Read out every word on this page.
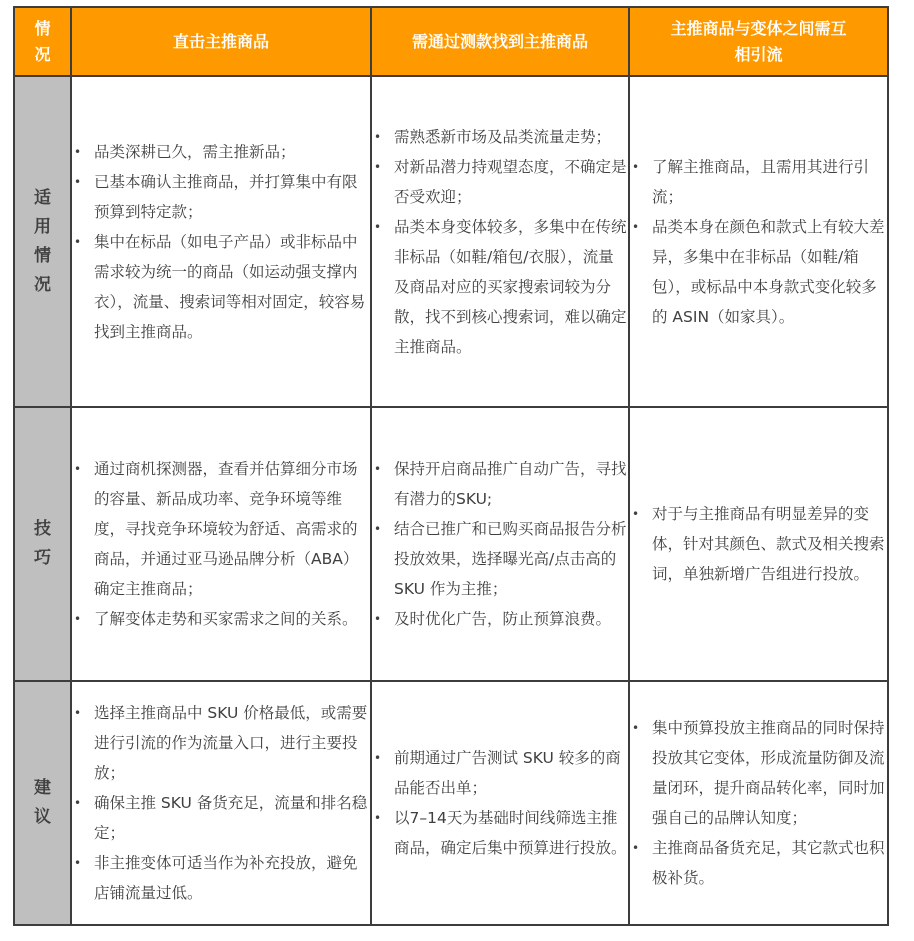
情况	直击主推商品	需通过测款找到主推商品	主推商品与变体之间需互相引流
适用情况	
• 品类深耕已久，需主推新品；
• 已基本确认主推商品，并打算集中有限预算到特定款；
• 集中在标品（如电子产品）或非标品中需求较为统一的商品（如运动强支撑内衣），流量、搜索词等相对固定，较容易找到主推商品。

• 需熟悉新市场及品类流量走势；
• 对新品潜力持观望态度，不确定是否受欢迎；
• 品类本身变体较多，多集中在传统非标品（如鞋/箱包/衣服），流量及商品对应的买家搜索词较为分散，找不到核心搜索词，难以确定主推商品。

• 了解主推商品，且需用其进行引流；
• 品类本身在颜色和款式上有较大差异，多集中在非标品（如鞋/箱包），或标品中本身款式变化较多的 ASIN（如家具）。

技巧	
• 通过商机探测器，查看并估算细分市场的容量、新品成功率、竞争环境等维度，寻找竞争环境较为舒适、高需求的商品，并通过亚马逊品牌分析（ABA）确定主推商品；
• 了解变体走势和买家需求之间的关系。

• 保持开启商品推广自动广告，寻找有潜力的SKU;
• 结合已推广和已购买商品报告分析投放效果，选择曝光高/点击高的SKU 作为主推；
• 及时优化广告，防止预算浪费。

• 对于与主推商品有明显差异的变体，针对其颜色、款式及相关搜索词，单独新增广告组进行投放。

建议	
• 选择主推商品中 SKU 价格最低，或需要进行引流的作为流量入口，进行主要投放；
• 确保主推 SKU 备货充足，流量和排名稳定；
• 非主推变体可适当作为补充投放，避免店铺流量过低。

• 前期通过广告测试 SKU 较多的商品能否出单；
• 以7–14天为基础时间线筛选主推商品，确定后集中预算进行投放。

• 集中预算投放主推商品的同时保持投放其它变体，形成流量防御及流量闭环，提升商品转化率，同时加强自己的品牌认知度；
• 主推商品备货充足，其它款式也积极补货。
